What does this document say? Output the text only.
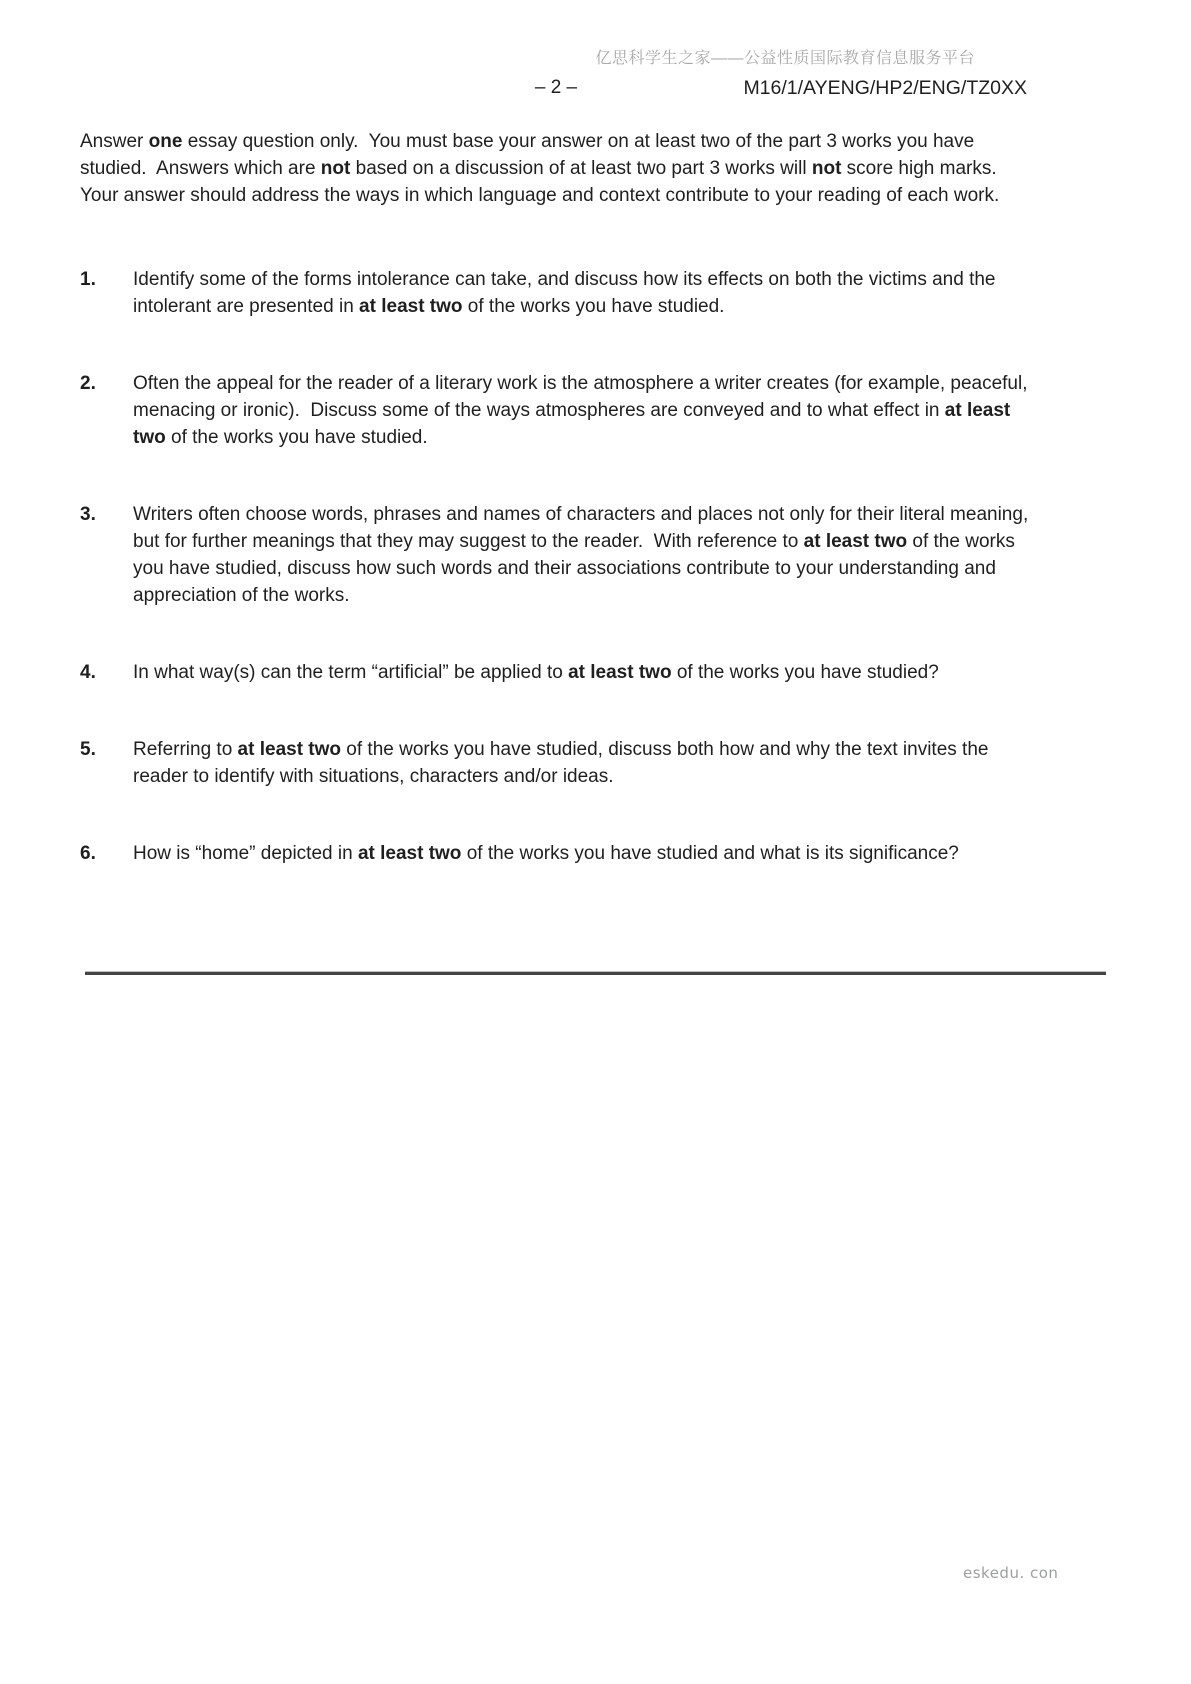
亿思科学生之家——公益性质国际教育信息服务平台
– 2 –	M16/1/AYENG/HP2/ENG/TZ0XX

Answer one essay question only.  You must base your answer on at least two of the part 3 works you have studied.  Answers which are not based on a discussion of at least two part 3 works will not score high marks.  Your answer should address the ways in which language and context contribute to your reading of each work.

1.	Identify some of the forms intolerance can take, and discuss how its effects on both the victims and the intolerant are presented in at least two of the works you have studied.

2.	Often the appeal for the reader of a literary work is the atmosphere a writer creates (for example, peaceful, menacing or ironic).  Discuss some of the ways atmospheres are conveyed and to what effect in at least two of the works you have studied.

3.	Writers often choose words, phrases and names of characters and places not only for their literal meaning, but for further meanings that they may suggest to the reader.  With reference to at least two of the works you have studied, discuss how such words and their associations contribute to your understanding and appreciation of the works.

4.	In what way(s) can the term “artificial” be applied to at least two of the works you have studied?

5.	Referring to at least two of the works you have studied, discuss both how and why the text invites the reader to identify with situations, characters and/or ideas.

6.	How is “home” depicted in at least two of the works you have studied and what is its significance?

eskedu. con
